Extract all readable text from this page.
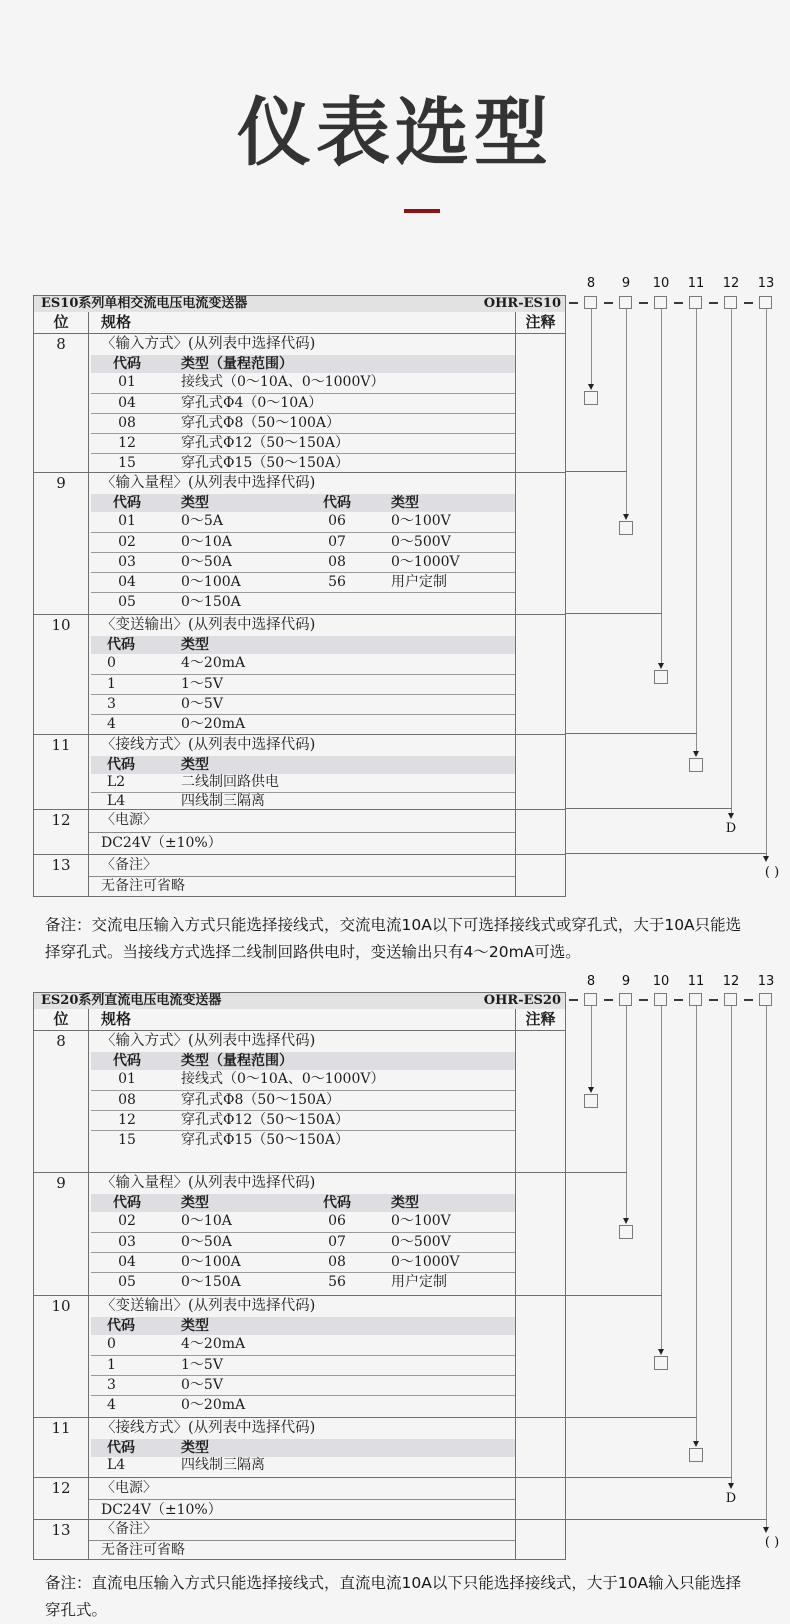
仪表选型
ES10系列单相交流电压电流变送器	OHR-ES10
位	规格	注释
8	〈输入方式〉(从列表中选择代码)
代码	类型（量程范围）
01	接线式（0～10A、0～1000V）
04	穿孔式Φ4（0～10A）
08	穿孔式Φ8（50～100A）
12	穿孔式Φ12（50～150A）
15	穿孔式Φ15（50～150A）
9	〈输入量程〉(从列表中选择代码)
代码	类型	代码	类型
01	0～5A	06	0～100V
02	0～10A	07	0～500V
03	0～50A	08	0～1000V
04	0～100A	56	用户定制
05	0～150A
10	〈变送输出〉(从列表中选择代码)
代码	类型
0	4～20mA
1	1～5V
3	0～5V
4	0～20mA
11	〈接线方式〉(从列表中选择代码)
代码	类型
L2	二线制回路供电
L4	四线制三隔离
12	〈电源〉
DC24V（±10%）
13	〈备注〉
无备注可省略
8	9	10	11	12	13
D
( )
备注：交流电压输入方式只能选择接线式，交流电流10A以下可选择接线式或穿孔式，大于10A只能选择穿孔式。当接线方式选择二线制回路供电时，变送输出只有4～20mA可选。
ES20系列直流电压电流变送器	OHR-ES20
位	规格	注释
8	〈输入方式〉(从列表中选择代码)
代码	类型（量程范围）
01	接线式（0～10A、0～1000V）
08	穿孔式Φ8（50～150A）
12	穿孔式Φ12（50～150A）
15	穿孔式Φ15（50～150A）
9	〈输入量程〉(从列表中选择代码)
代码	类型	代码	类型
02	0～10A	06	0～100V
03	0～50A	07	0～500V
04	0～100A	08	0～1000V
05	0～150A	56	用户定制
10	〈变送输出〉(从列表中选择代码)
代码	类型
0	4～20mA
1	1～5V
3	0～5V
4	0～20mA
11	〈接线方式〉(从列表中选择代码)
代码	类型
L4	四线制三隔离
12	〈电源〉
DC24V（±10%）
13	〈备注〉
无备注可省略
8	9	10	11	12	13
D
( )
备注：直流电压输入方式只能选择接线式，直流电流10A以下只能选择接线式，大于10A输入只能选择穿孔式。
